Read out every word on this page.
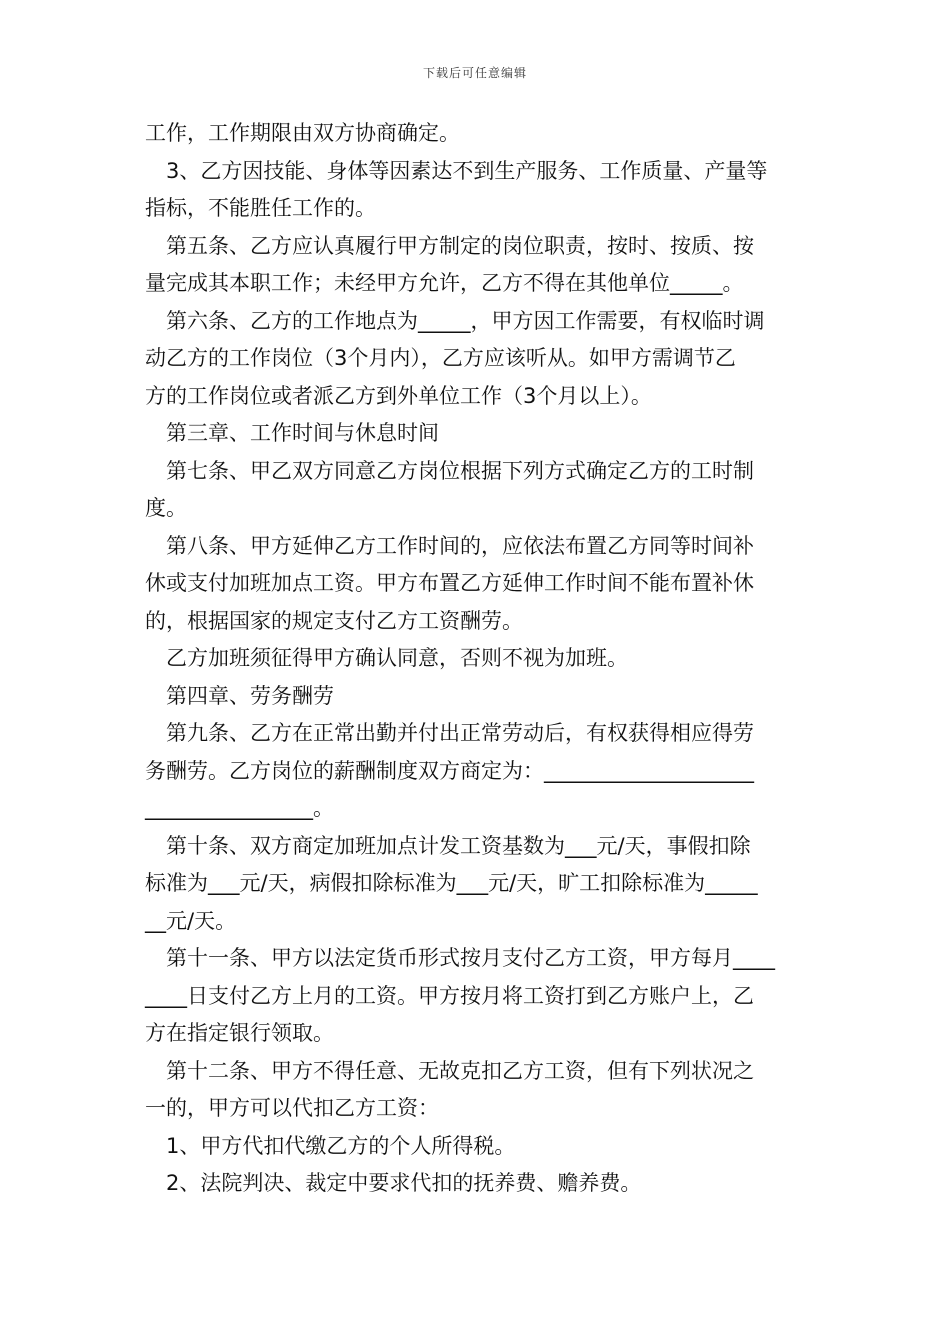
下载后可任意编辑
工作，工作期限由双方协商确定。
3、乙方因技能、身体等因素达不到生产服务、工作质量、产量等
指标，不能胜任工作的。
第五条、乙方应认真履行甲方制定的岗位职责，按时、按质、按
量完成其本职工作；未经甲方允许，乙方不得在其他单位_____。
第六条、乙方的工作地点为_____，甲方因工作需要，有权临时调
动乙方的工作岗位（3个月内），乙方应该听从。如甲方需调节乙
方的工作岗位或者派乙方到外单位工作（3个月以上）。
第三章、工作时间与休息时间
第七条、甲乙双方同意乙方岗位根据下列方式确定乙方的工时制
度。
第八条、甲方延伸乙方工作时间的，应依法布置乙方同等时间补
休或支付加班加点工资。甲方布置乙方延伸工作时间不能布置补休
的，根据国家的规定支付乙方工资酬劳。
乙方加班须征得甲方确认同意，否则不视为加班。
第四章、劳务酬劳
第九条、乙方在正常出勤并付出正常劳动后，有权获得相应得劳
务酬劳。乙方岗位的薪酬制度双方商定为：____________________
________________。
第十条、双方商定加班加点计发工资基数为___元/天，事假扣除
标准为___元/天，病假扣除标准为___元/天，旷工扣除标准为_____
__元/天。
第十一条、甲方以法定货币形式按月支付乙方工资，甲方每月____
____日支付乙方上月的工资。甲方按月将工资打到乙方账户上，乙
方在指定银行领取。
第十二条、甲方不得任意、无故克扣乙方工资，但有下列状况之
一的，甲方可以代扣乙方工资：
1、甲方代扣代缴乙方的个人所得税。
2、法院判决、裁定中要求代扣的抚养费、赡养费。
